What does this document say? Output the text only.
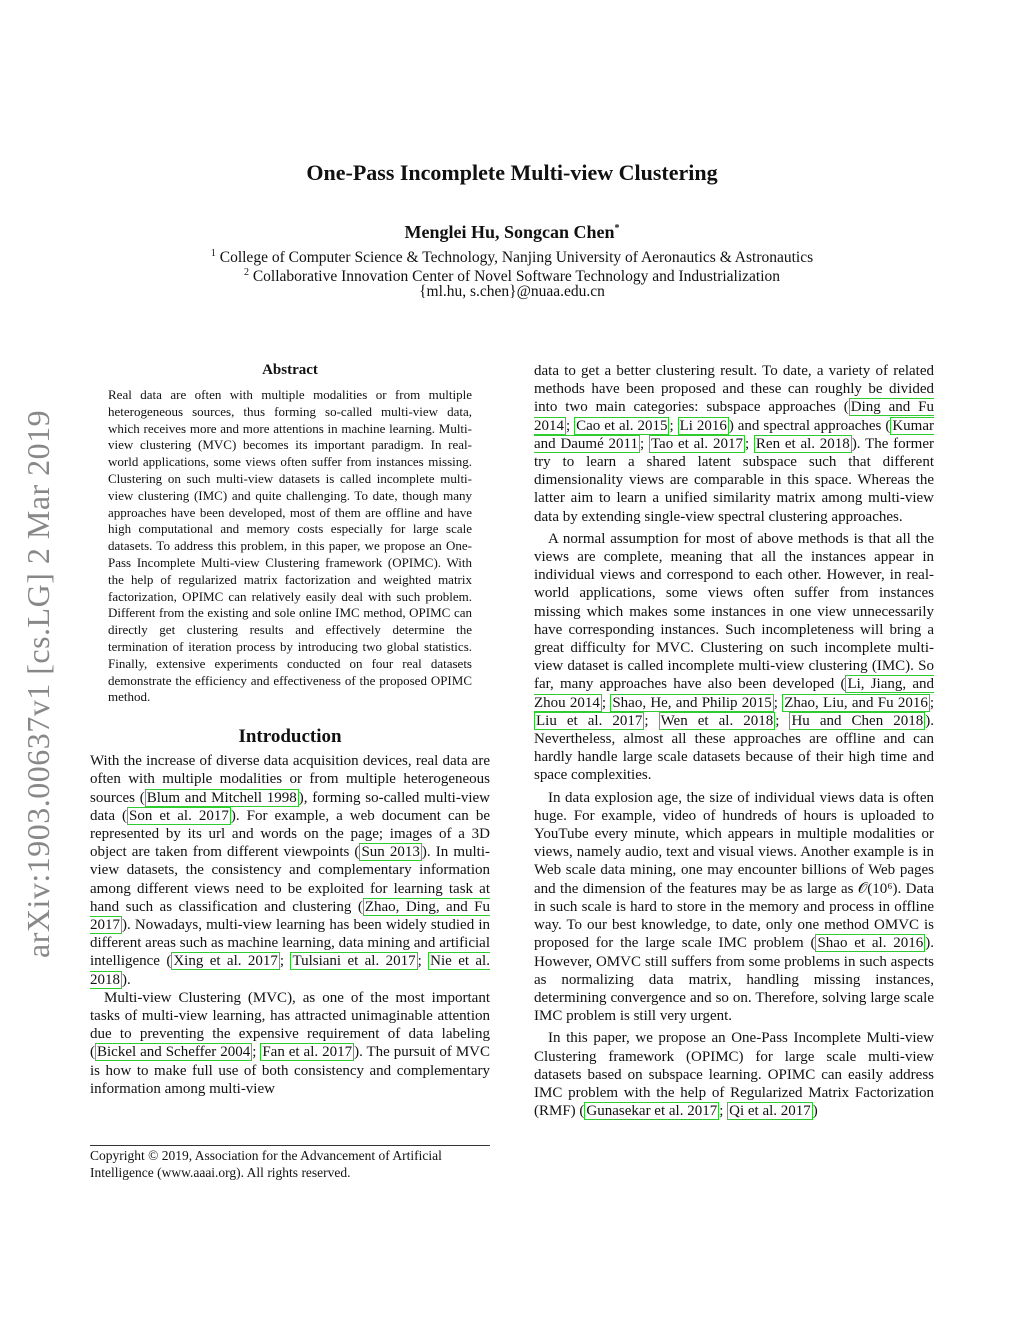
arXiv:1903.00637v1 [cs.LG] 2 Mar 2019
One-Pass Incomplete Multi-view Clustering
Menglei Hu, Songcan Chen*
$^1$ College of Computer Science & Technology, Nanjing University of Aeronautics & Astronautics
$^2$ Collaborative Innovation Center of Novel Software Technology and Industrialization
{ml.hu, s.chen}@nuaa.edu.cn
Abstract
Real data are often with multiple modalities or from multiple heterogeneous sources, thus forming so-called multi-view data, which receives more and more attentions in machine learning. Multi-view clustering (MVC) becomes its important paradigm. In real-world applications, some views often suffer from instances missing. Clustering on such multi-view datasets is called incomplete multi-view clustering (IMC) and quite challenging. To date, though many approaches have been developed, most of them are offline and have high computational and memory costs especially for large scale datasets. To address this problem, in this paper, we propose an One-Pass Incomplete Multi-view Clustering framework (OPIMC). With the help of regularized matrix factorization and weighted matrix factorization, OPIMC can relatively easily deal with such problem. Different from the existing and sole online IMC method, OPIMC can directly get clustering results and effectively determine the termination of iteration process by introducing two global statistics. Finally, extensive experiments conducted on four real datasets demonstrate the efficiency and effectiveness of the proposed OPIMC method.
Introduction

With the increase of diverse data acquisition devices, real data are often with multiple modalities or from multiple heterogeneous sources ( Blum and Mitchell 1998 ), forming so-called multi-view data ( Son et al. 2017 ). For example, a web document can be represented by its url and words on the page; images of a 3D object are taken from different viewpoints ( Sun 2013 ). In multi-view datasets, the consistency and complementary information among different views need to be exploited for learning task at hand such as classification and clustering ( Zhao, Ding, and Fu 2017 ). Nowadays, multi-view learning has been widely studied in different areas such as machine learning, data mining and artificial intelligence ( Xing et al. 2017 ; Tulsiani et al. 2017 ; Nie et al. 2018 ).

Multi-view Clustering (MVC), as one of the most important tasks of multi-view learning, has attracted unimaginable attention due to preventing the expensive requirement of data labeling ( Bickel and Scheffer 2004 ; Fan et al. 2017 ). The pursuit of MVC is how to make full use of both consistency and complementary information among multi-view

Copyright © 2019, Association for the Advancement of Artificial Intelligence (www.aaai.org). All rights reserved.

data to get a better clustering result. To date, a variety of related methods have been proposed and these can roughly be divided into two main categories: subspace approaches ( Ding and Fu 2014 ; Cao et al. 2015 ; Li 2016 ) and spectral approaches ( Kumar and Daumé 2011 ; Tao et al. 2017 ; Ren et al. 2018 ). The former try to learn a shared latent subspace such that different dimensionality views are comparable in this space. Whereas the latter aim to learn a unified similarity matrix among multi-view data by extending single-view spectral clustering approaches.

A normal assumption for most of above methods is that all the views are complete, meaning that all the instances appear in individual views and correspond to each other. However, in real-world applications, some views often suffer from instances missing which makes some instances in one view unnecessarily have corresponding instances. Such incompleteness will bring a great difficulty for MVC. Clustering on such incomplete multi-view dataset is called incomplete multi-view clustering (IMC). So far, many approaches have also been developed ( Li, Jiang, and Zhou 2014 ; Shao, He, and Philip 2015 ; Zhao, Liu, and Fu 2016 ; Liu et al. 2017 ; Wen et al. 2018 ; Hu and Chen 2018 ). Nevertheless, almost all these approaches are offline and can hardly handle large scale datasets because of their high time and space complexities.

In data explosion age, the size of individual views data is often huge. For example, video of hundreds of hours is uploaded to YouTube every minute, which appears in multiple modalities or views, namely audio, text and visual views. Another example is in Web scale data mining, one may encounter billions of Web pages and the dimension of the features may be as large as 𝒪(10⁶). Data in such scale is hard to store in the memory and process in offline way. To our best knowledge, to date, only one method OMVC is proposed for the large scale IMC problem ( Shao et al. 2016 ). However, OMVC still suffers from some problems in such aspects as normalizing data matrix, handling missing instances, determining convergence and so on. Therefore, solving large scale IMC problem is still very urgent.

In this paper, we propose an One-Pass Incomplete Multi-view Clustering framework (OPIMC) for large scale multi-view datasets based on subspace learning. OPIMC can easily address IMC problem with the help of Regularized Matrix Factorization (RMF) ( Gunasekar et al. 2017 ; Qi et al. 2017 )
